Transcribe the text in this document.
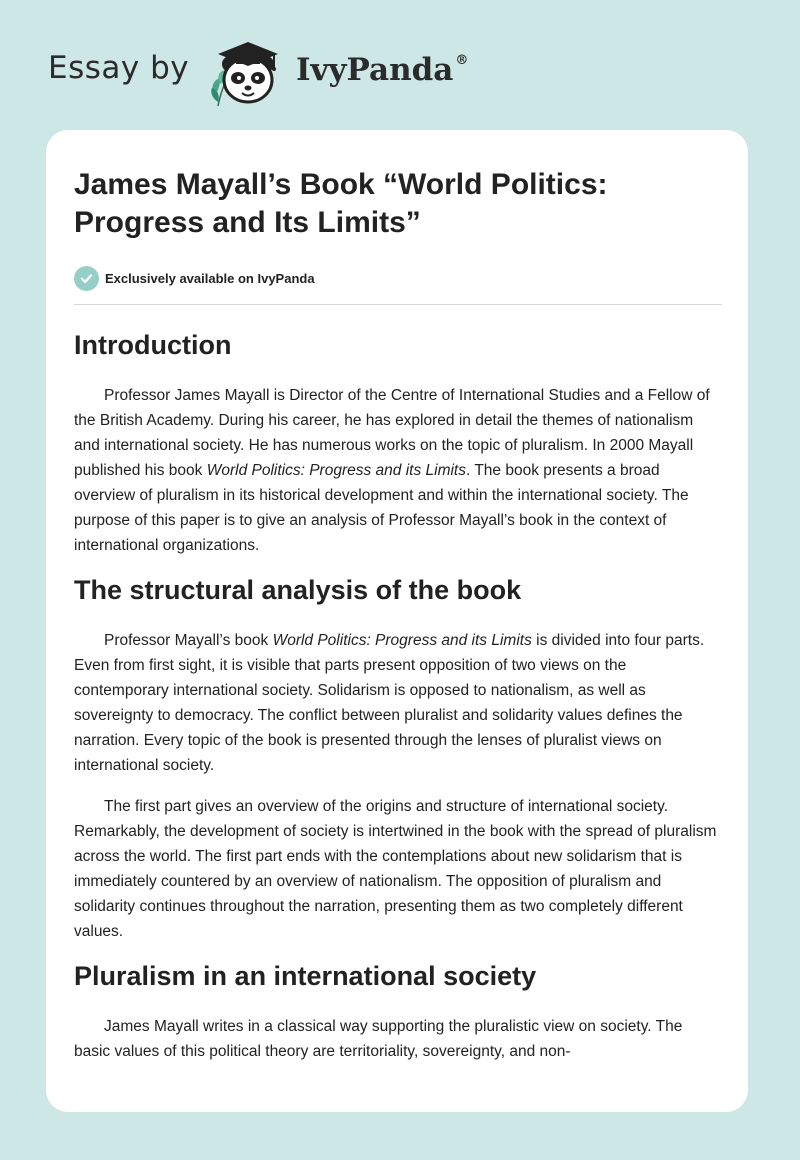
Essay by	IvyPanda ®
James Mayall’s Book “World Politics: Progress and Its Limits”
Exclusively available on IvyPanda
Introduction

Professor James Mayall is Director of the Centre of International Studies and a Fellow of the British Academy. During his career, he has explored in detail the themes of nationalism and international society. He has numerous works on the topic of pluralism. In 2000 Mayall published his book World Politics: Progress and its Limits. The book presents a broad overview of pluralism in its historical development and within the international society. The purpose of this paper is to give an analysis of Professor Mayall’s book in the context of international organizations.

The structural analysis of the book

Professor Mayall’s book World Politics: Progress and its Limits is divided into four parts. Even from first sight, it is visible that parts present opposition of two views on the contemporary international society. Solidarism is opposed to nationalism, as well as sovereignty to democracy. The conflict between pluralist and solidarity values defines the narration. Every topic of the book is presented through the lenses of pluralist views on international society.

The first part gives an overview of the origins and structure of international society. Remarkably, the development of society is intertwined in the book with the spread of pluralism across the world. The first part ends with the contemplations about new solidarism that is immediately countered by an overview of nationalism. The opposition of pluralism and solidarity continues throughout the narration, presenting them as two completely different values.

Pluralism in an international society

James Mayall writes in a classical way supporting the pluralistic view on society. The basic values of this political theory are territoriality, sovereignty, and non-
